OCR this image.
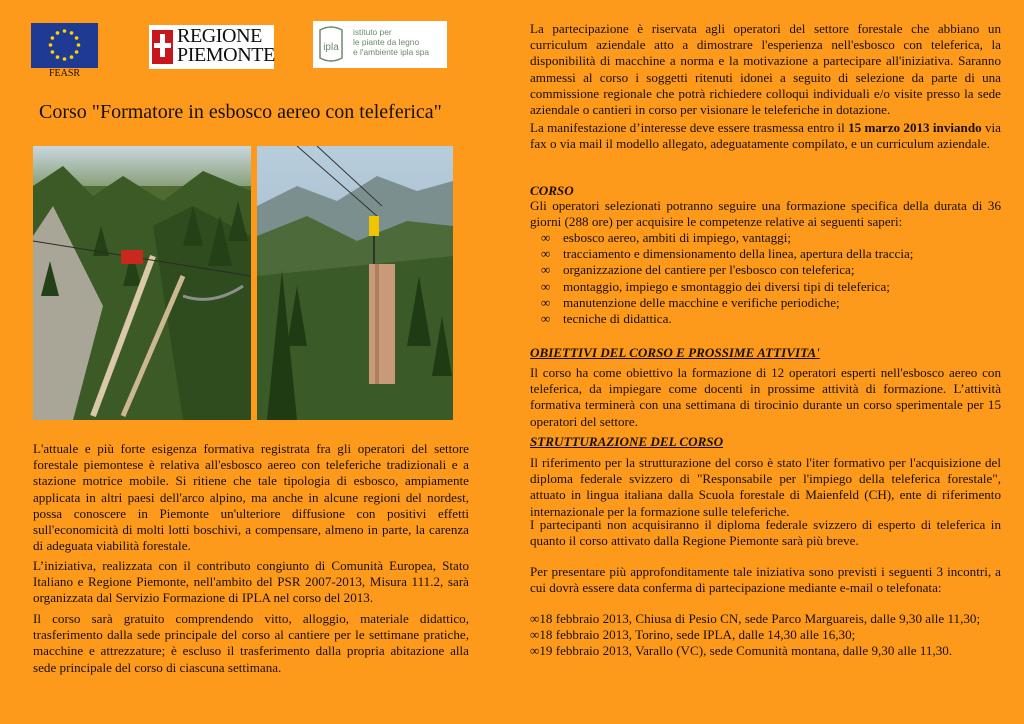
FEASR
REGIONE
PIEMONTE	ipla
istituto per
le piante da legno
e l'ambiente ipla spa
Corso "Formatore in esbosco aereo con teleferica"
L'attuale e più forte esigenza formativa registrata fra gli operatori del settore forestale piemontese è relativa all'esbosco aereo con teleferiche tradizionali e a stazione motrice mobile. Si ritiene che tale tipologia di esbosco, ampiamente applicata in altri paesi dell'arco alpino, ma anche in alcune regioni del nordest, possa conoscere in Piemonte un'ulteriore diffusione con positivi effetti sull'economicità di molti lotti boschivi, a compensare, almeno in parte, la carenza di adeguata viabilità forestale.
L’iniziativa, realizzata con il contributo congiunto di Comunità Europea, Stato Italiano e Regione Piemonte, nell'ambito del PSR 2007-2013, Misura 111.2, sarà organizzata dal Servizio Formazione di IPLA nel corso del 2013.
Il corso sarà gratuito comprendendo vitto, alloggio, materiale didattico, trasferimento dalla sede principale del corso al cantiere per le settimane pratiche, macchine e attrezzature; è escluso il trasferimento dalla propria abitazione alla sede principale del corso di ciascuna settimana.
La partecipazione è riservata agli operatori del settore forestale che abbiano un curriculum aziendale atto a dimostrare l'esperienza nell'esbosco con teleferica, la disponibilità di macchine a norma e la motivazione a partecipare all'iniziativa. Saranno ammessi al corso i soggetti ritenuti idonei a seguito di selezione da parte di una commissione regionale che potrà richiedere colloqui individuali e/o visite presso la sede aziendale o cantieri in corso per visionare le teleferiche in dotazione.
La manifestazione d’interesse deve essere trasmessa entro il 15 marzo 2013 inviando via fax o via mail il modello allegato, adeguatamente compilato, e un curriculum aziendale.
CORSO
Gli operatori selezionati potranno seguire una formazione specifica della durata di 36 giorni (288 ore) per acquisire le competenze relative ai seguenti saperi:
∞ esbosco aereo, ambiti di impiego, vantaggi;
∞ tracciamento e dimensionamento della linea, apertura della traccia;
∞ organizzazione del cantiere per l'esbosco con teleferica;
∞ montaggio, impiego e smontaggio dei diversi tipi di teleferica;
∞ manutenzione delle macchine e verifiche periodiche;
∞ tecniche di didattica.
OBIETTIVI DEL CORSO E PROSSIME ATTIVITA'
Il corso ha come obiettivo la formazione di 12 operatori esperti nell'esbosco aereo con teleferica, da impiegare come docenti in prossime attività di formazione. L’attività formativa terminerà con una settimana di tirocinio durante un corso sperimentale per 15 operatori del settore.
STRUTTURAZIONE DEL CORSO
Il riferimento per la strutturazione del corso è stato l'iter formativo per l'acquisizione del diploma federale svizzero di "Responsabile per l'impiego della teleferica forestale", attuato in lingua italiana dalla Scuola forestale di Maienfeld (CH), ente di riferimento internazionale per la formazione sulle teleferiche.
I partecipanti non acquisiranno il diploma federale svizzero di esperto di teleferica in quanto il corso attivato dalla Regione Piemonte sarà più breve.
Per presentare più approfonditamente tale iniziativa sono previsti i seguenti 3 incontri, a cui dovrà essere data conferma di partecipazione mediante e-mail o telefonata:
∞18 febbraio 2013, Chiusa di Pesio CN, sede Parco Marguareis, dalle 9,30 alle 11,30;
∞18 febbraio 2013, Torino, sede IPLA, dalle 14,30 alle 16,30;
∞19 febbraio 2013, Varallo (VC), sede Comunità montana, dalle 9,30 alle 11,30.
